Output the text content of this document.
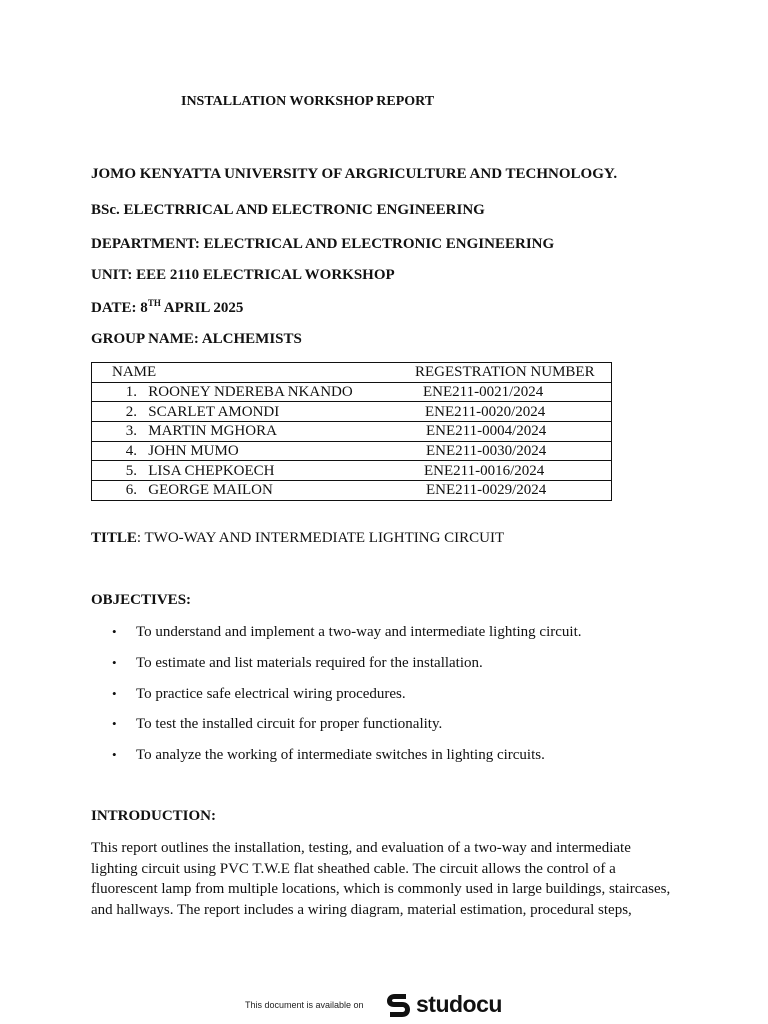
INSTALLATION WORKSHOP REPORT
JOMO KENYATTA UNIVERSITY OF ARGRICULTURE AND TECHNOLOGY.
BSc. ELECTRRICAL AND ELECTRONIC ENGINEERING
DEPARTMENT: ELECTRICAL AND ELECTRONIC ENGINEERING
UNIT: EEE 2110 ELECTRICAL WORKSHOP
DATE: 8TH APRIL 2025
GROUP NAME: ALCHEMISTS
NAME	REGESTRATION NUMBER
1. ROONEY NDEREBA NKANDO	ENE211-0021/2024
2. SCARLET AMONDI	ENE211-0020/2024
3. MARTIN MGHORA	ENE211-0004/2024
4. JOHN MUMO	ENE211-0030/2024
5. LISA CHEPKOECH	ENE211-0016/2024
6. GEORGE MAILON	ENE211-0029/2024
TITLE: TWO-WAY AND INTERMEDIATE LIGHTING CIRCUIT
OBJECTIVES:
• To understand and implement a two-way and intermediate lighting circuit.
• To estimate and list materials required for the installation.
• To practice safe electrical wiring procedures.
• To test the installed circuit for proper functionality.
• To analyze the working of intermediate switches in lighting circuits.
INTRODUCTION:
This report outlines the installation, testing, and evaluation of a two-way and intermediate lighting circuit using PVC T.W.E flat sheathed cable. The circuit allows the control of a fluorescent lamp from multiple locations, which is commonly used in large buildings, staircases, and hallways. The report includes a wiring diagram, material estimation, procedural steps,
This document is available on studocu
